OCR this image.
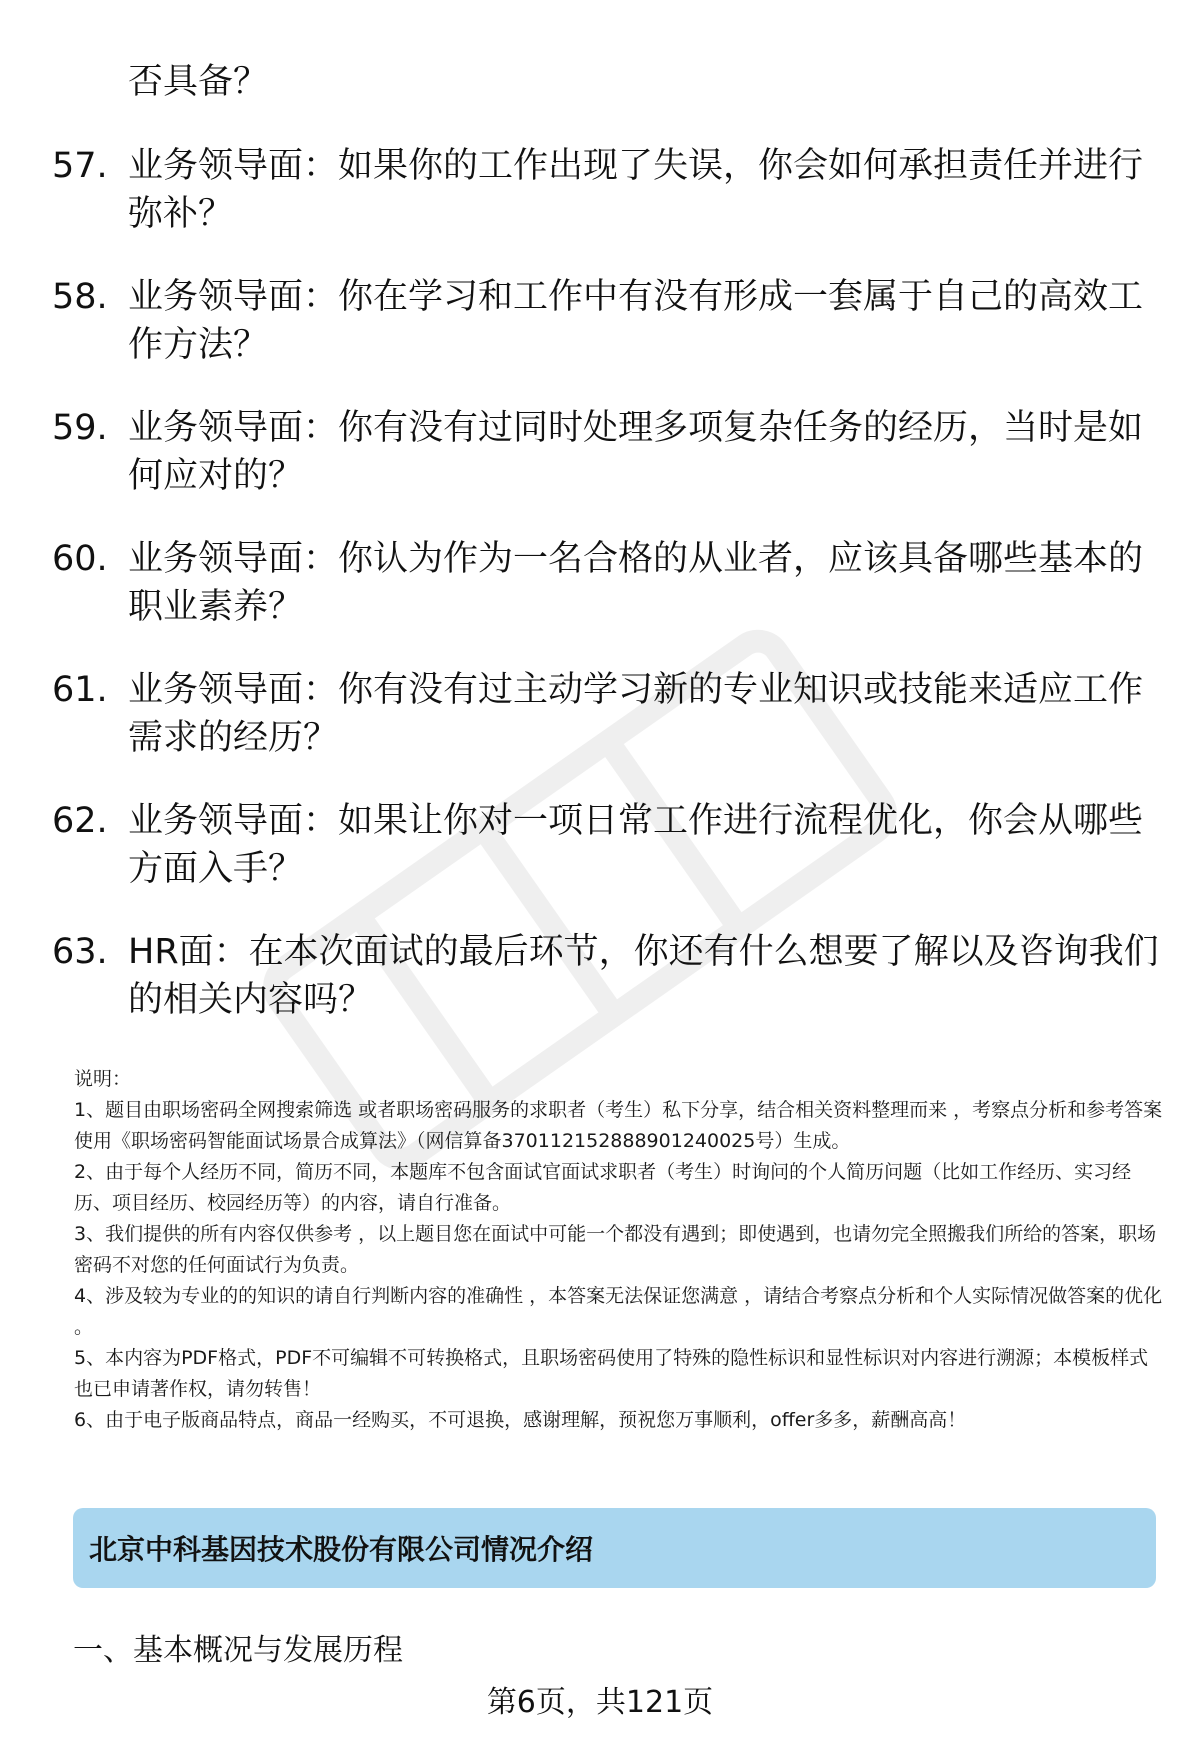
否具备？

57. 业务领导面：如果你的工作出现了失误，你会如何承担责任并进行弥补？
58. 业务领导面：你在学习和工作中有没有形成一套属于自己的高效工作方法？
59. 业务领导面：你有没有过同时处理多项复杂任务的经历，当时是如何应对的？
60. 业务领导面：你认为作为一名合格的从业者，应该具备哪些基本的职业素养？
61. 业务领导面：你有没有过主动学习新的专业知识或技能来适应工作需求的经历？
62. 业务领导面：如果让你对一项日常工作进行流程优化，你会从哪些方面入手？
63. HR面：在本次面试的最后环节，你还有什么想要了解以及咨询我们的相关内容吗？

说明：

1、题目由职场密码全网搜索筛选 或者职场密码服务的求职者（考生）私下分享，结合相关资料整理而来 ，考察点分析和参考答案使用《职场密码智能面试场景合成算法》（网信算备37011215288890124002​5号）生成。

2、由于每个人经历不同，简历不同，本题库不包含面试官面试求职者（考生）时询问的个人简历问题（比如工作经历、实习经历、项目经历、校园经历等）的内容，请自行准备。

3、我们提供的所有内容仅供参考 ，以上题目您在面试中可能一个都没有遇到；即使遇到，也请勿完全照搬我们所给的答案，职场密码不对您的任何面试行为负责。

4、涉及较为专业的的知识的请自行判断内容的准确性 ，本答案无法保证您满意 ，请结合考察点分析和个人实际情况做答案的优化 。

5、本内容为PDF格式，PDF不可编辑不可转换格式，且职场密码使用了特殊的隐性标识和显性标识对内容进行溯源；本模板样式也已申请著作权，请勿转售！

6、由于电子版商品特点，商品一经购买，不可退换，感谢理解，预祝您万事顺利，offer多多，薪酬高高！

北京中科基因技术股份有限公司情况介绍
一、基本概况与发展历程
第6页，共121页
